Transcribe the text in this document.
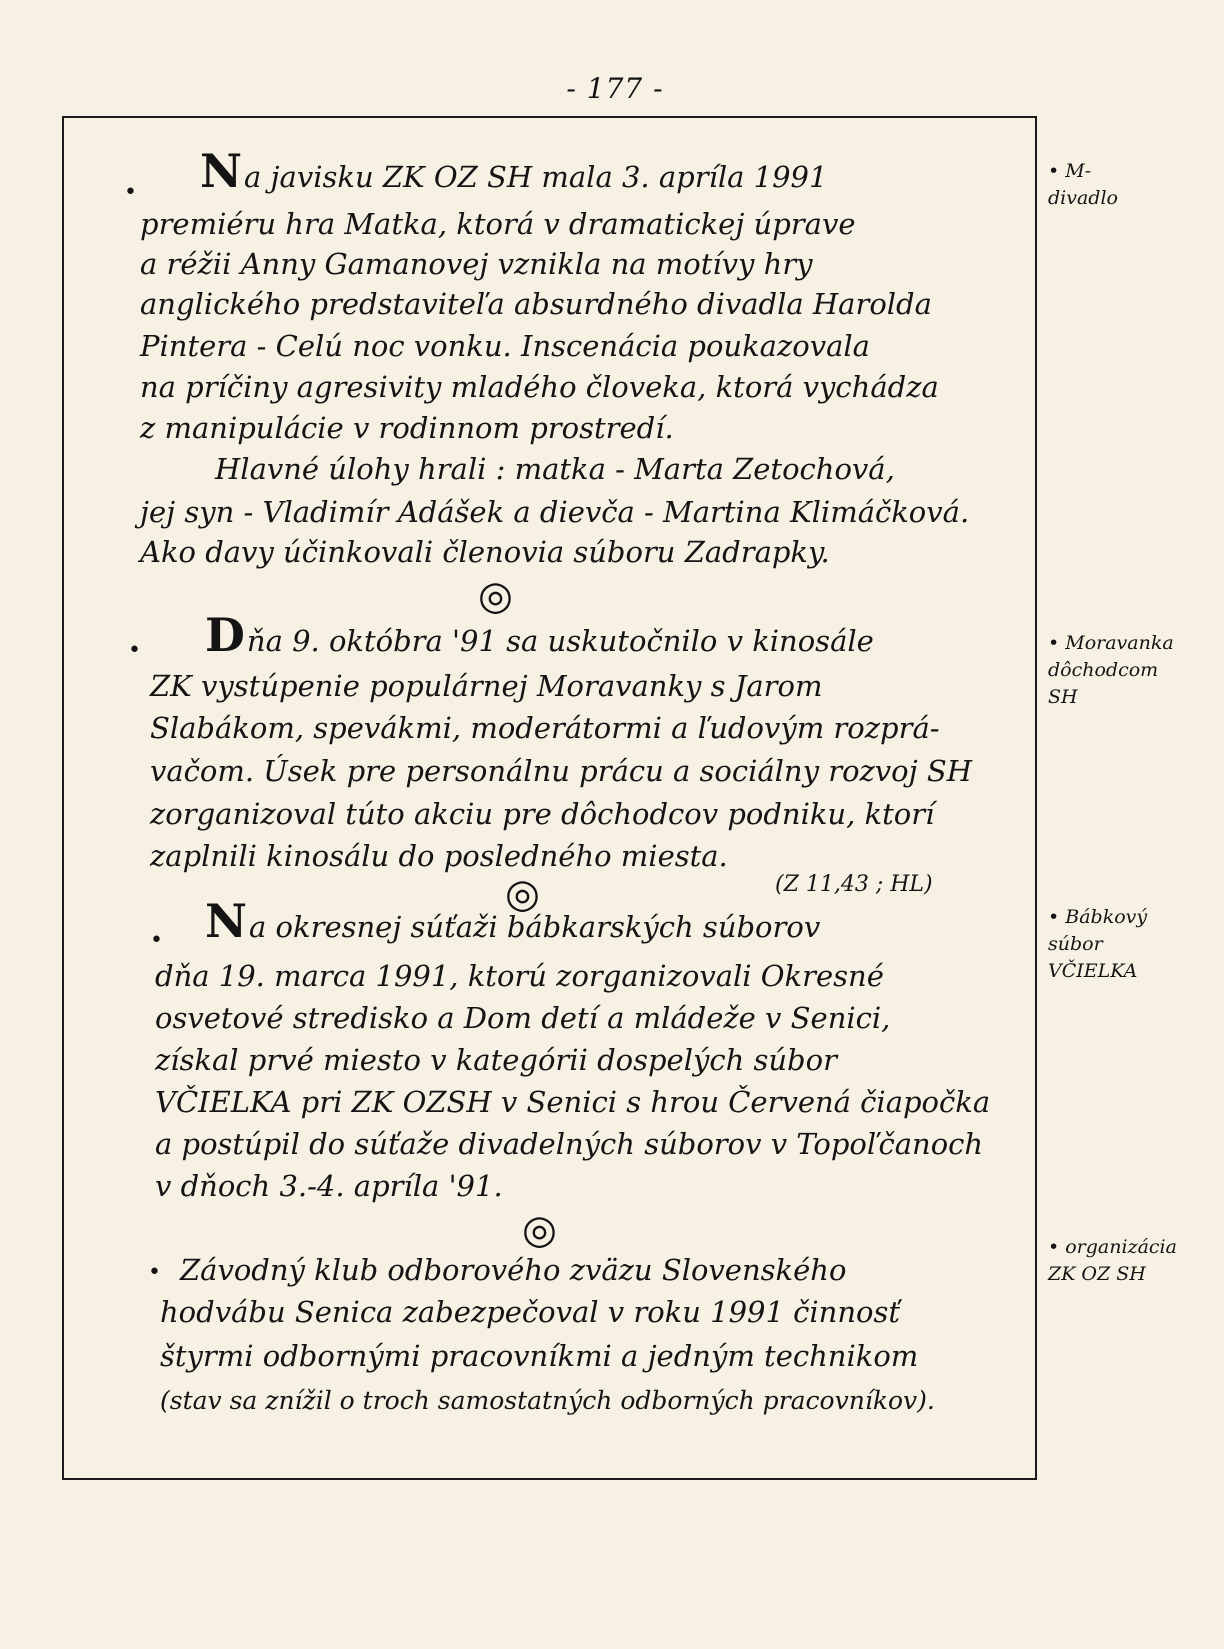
- 177 -
• Na javisku ZK OZ SH mala 3. apríla 1991
premiéru hra Matka, ktorá v dramatickej úprave
a réžii Anny Gamanovej vznikla na motívy hry
anglického predstaviteľa absurdného divadla Harolda
Pintera - Celú noc vonku. Inscenácia poukazovala
na príčiny agresivity mladého človeka, ktorá vychádza
z manipulácie v rodinnom prostredí.
Hlavné úlohy hrali : matka - Marta Zetochová,
jej syn - Vladimír Adášek a dievča - Martina Klimáčková.
Ako davy účinkovali členovia súboru Zadrapky.
◎
• M-
divadlo
• Dňa 9. októbra '91 sa uskutočnilo v kinosále
ZK vystúpenie populárnej Moravanky s Jarom
Slabákom, spevákmi, moderátormi a ľudovým rozprá-
vačom. Úsek pre personálnu prácu a sociálny rozvoj SH
zorganizoval túto akciu pre dôchodcov podniku, ktorí
zaplnili kinosálu do posledného miesta.
(Z 11,43 ; HL)
◎
• Moravanka
dôchodcom
SH
• Na okresnej súťaži bábkarských súborov
dňa 19. marca 1991, ktorú zorganizovali Okresné
osvetové stredisko a Dom detí a mládeže v Senici,
získal prvé miesto v kategórii dospelých súbor
VČIELKA pri ZK OZSH v Senici s hrou Červená čiapočka
a postúpil do súťaže divadelných súborov v Topoľčanoch
v dňoch 3.-4. apríla '91.
◎
• Bábkový
súbor
VČIELKA
• Závodný klub odborového zväzu Slovenského
hodvábu Senica zabezpečoval v roku 1991 činnosť
štyrmi odbornými pracovníkmi a jedným technikom
(stav sa znížil o troch samostatných odborných pracovníkov).
• organizácia
ZK OZ SH
